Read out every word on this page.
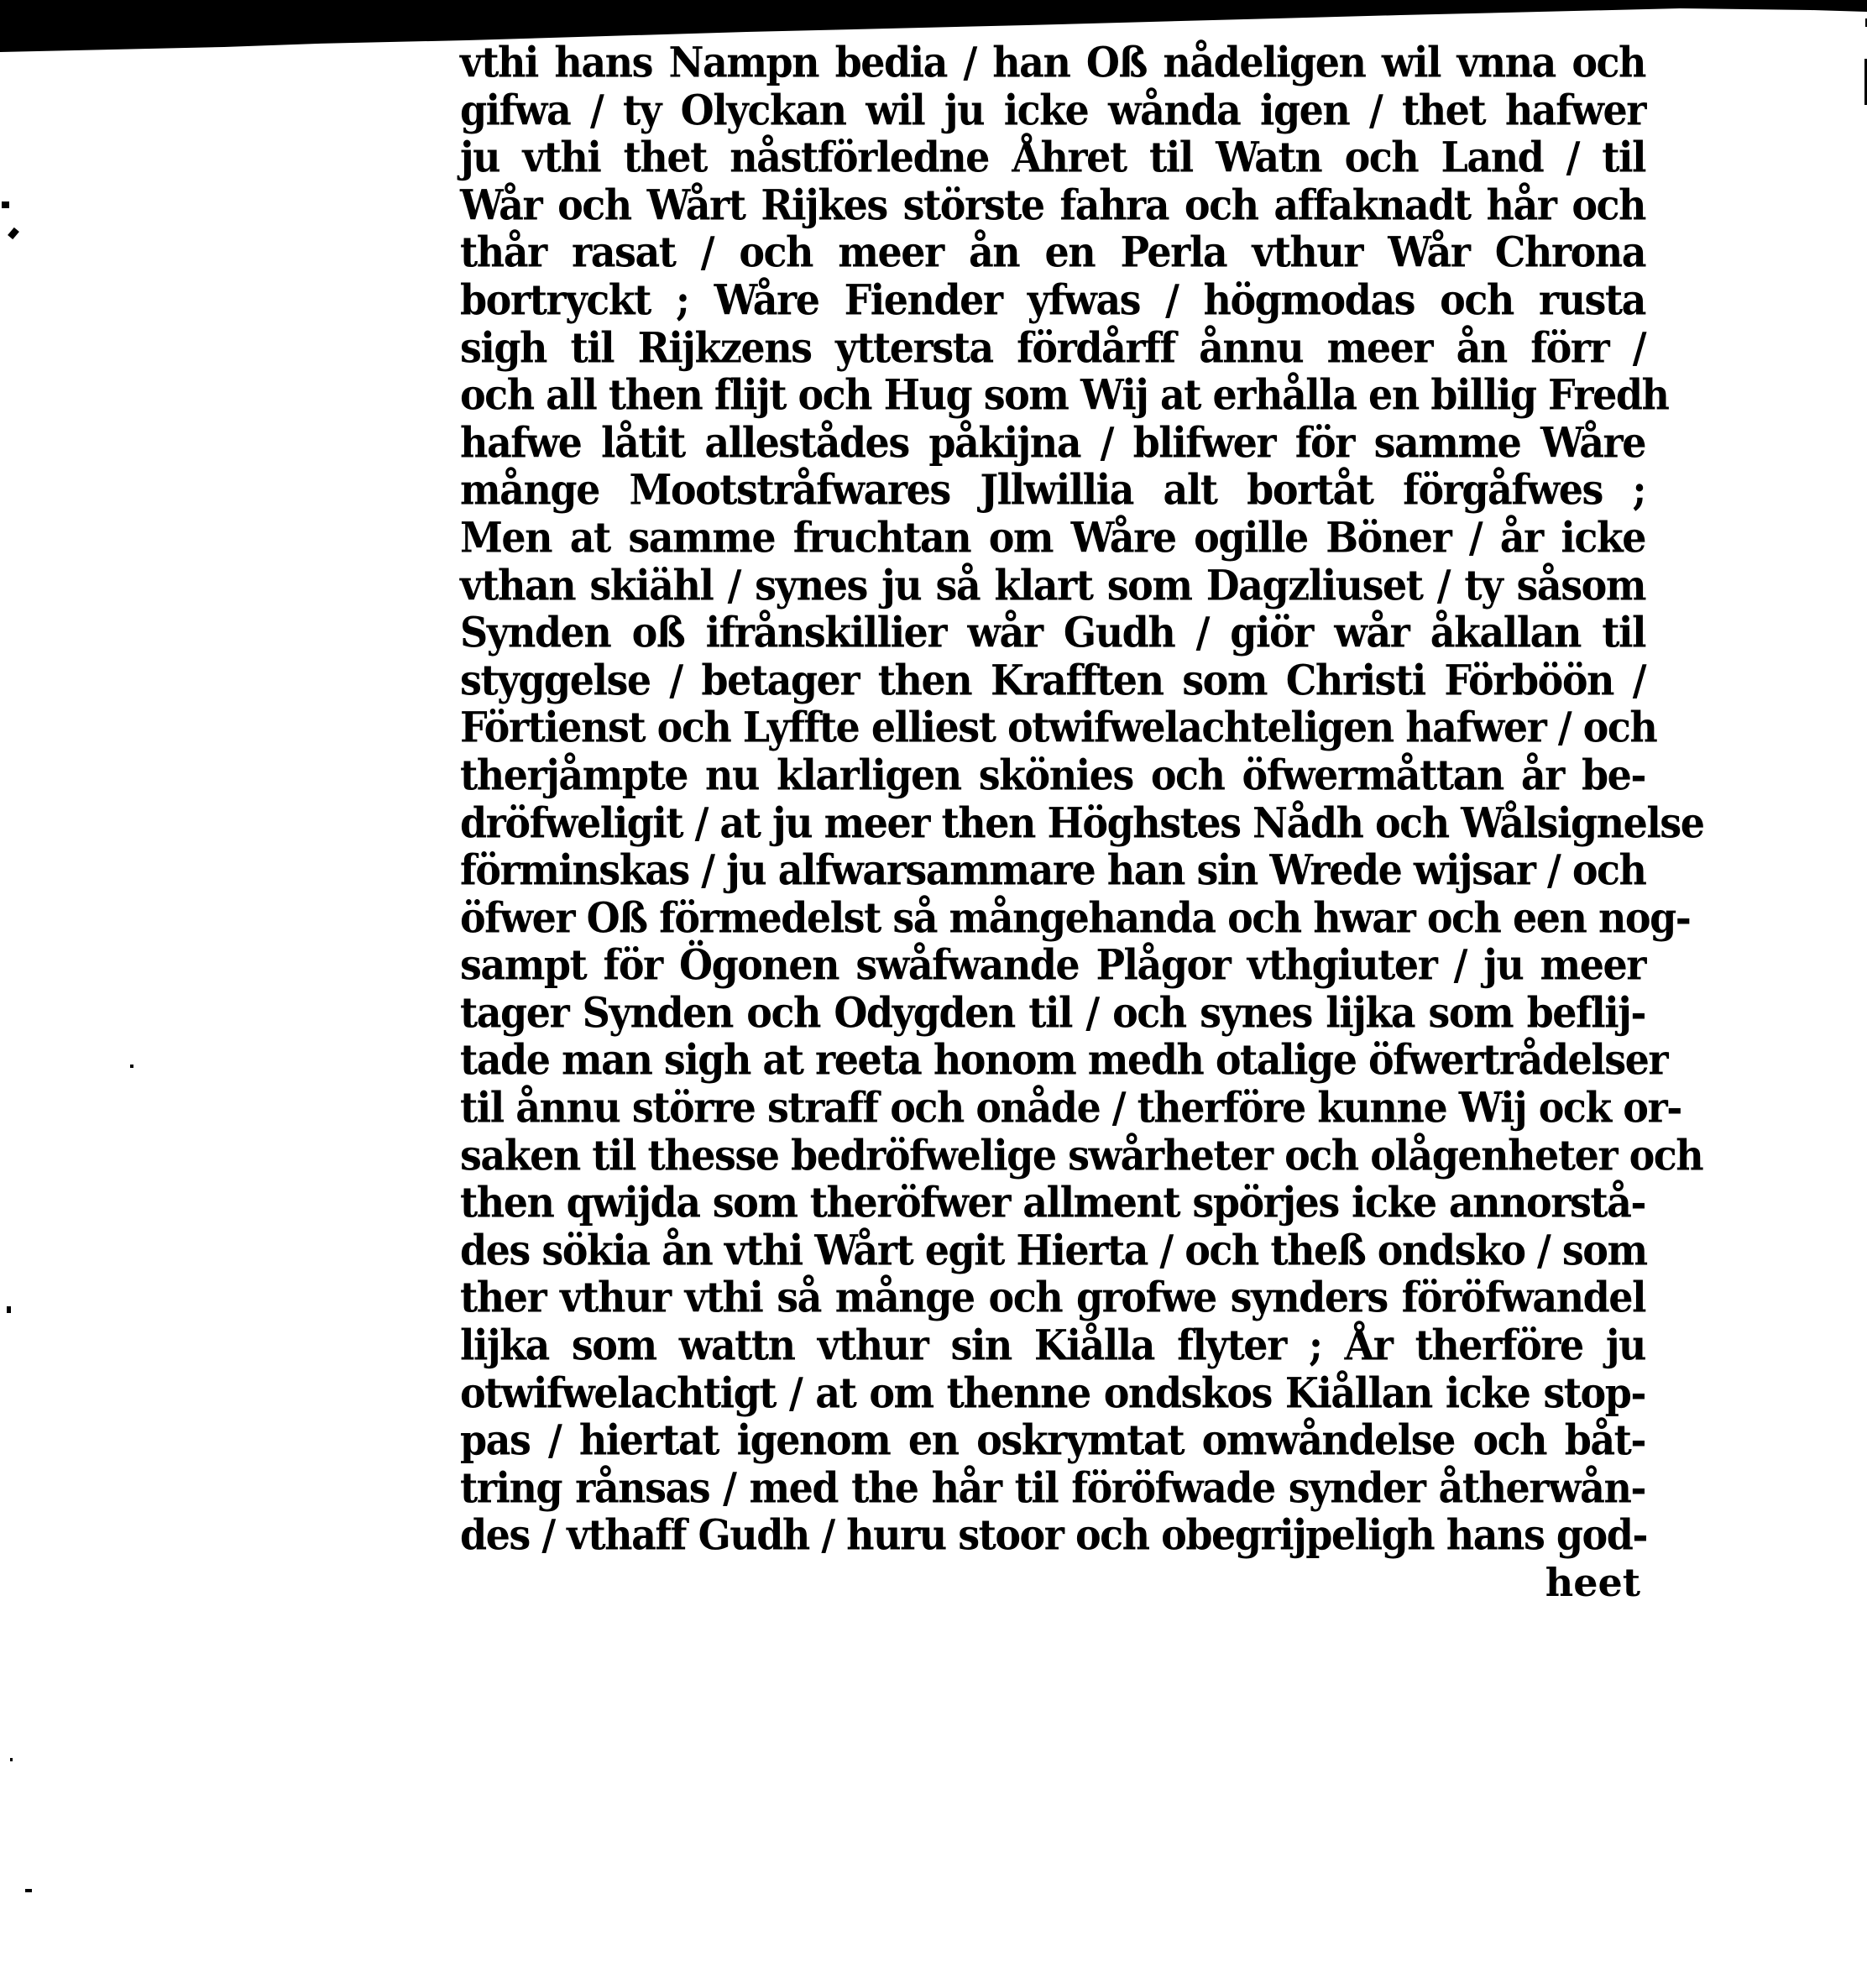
vthi hans Nampn bedia / han Oß nådeligen wil vnna och
gifwa / ty Olyckan wil ju icke wånda igen / thet hafwer
ju vthi thet nåstförledne Åhret til Watn och Land / til
Wår och Wårt Rijkes störste fahra och affaknadt hår och
thår rasat / och meer ån en Perla vthur Wår Chrona
bortryckt ; Wåre Fiender yfwas / högmodas och rusta
sigh til Rijkzens ytterstа fördårff ånnu meer ån förr /
och all then flijt och Hug som Wij at erhålla en billig Fredh
hafwe låtit allestådes påkijna / blifwer för samme Wåre
månge Mootstråfwares Jllwillia alt bortåt förgåfwes ;
Men at samme fruchtan om Wåre ogille Böner / år icke
vthan skiähl / synes ju så klart som Dagzliuset / ty såsom
Synden oß ifrånskillier wår Gudh / giör wår åkallan til
styggelse / betager then Krafften som Christi Förböön /
Förtienst och Lyffte elliest otwifwelachteligen hafwer / och
therjåmpte nu klarligen skönies och öfwermåttan år be-
dröfweligit / at ju meer then Höghstes Nådh och Wålsignelse
förminskas / ju alfwarsammare han sin Wrede wijsar / och
öfwer Oß förmedelst så mångehanda och hwar och een nog-
sampt för Ögonen swåfwande Plågor vthgiuter / ju meer
tager Synden och Odygden til / och synes lijka som beflij-
tade man sigh at reeta honom medh otalige öfwertrådelser
til ånnu större straff och onåde / therföre kunne Wij ock or-
saken til thesse bedröfwelige swårheter och olågenheter och
then qwijda som theröfwer allment spörjes icke annorstå-
des sökia ån vthi Wårt egit Hierta / och theß ondsko / som
ther vthur vthi så månge och grofwe synders föröfwandel
lijka som wattn vthur sin Kiålla flyter ; År therföre ju
otwifwelachtigt / at om thenne ondskos Kiållan icke stop-
pas / hiertat igenom en oskrymtat omwåndelse och båt-
tring rånsas / med the hår til föröfwade synder åtherwån-
des / vthaff Gudh / huru stoor och obegrijpeligh hans god-
heet
